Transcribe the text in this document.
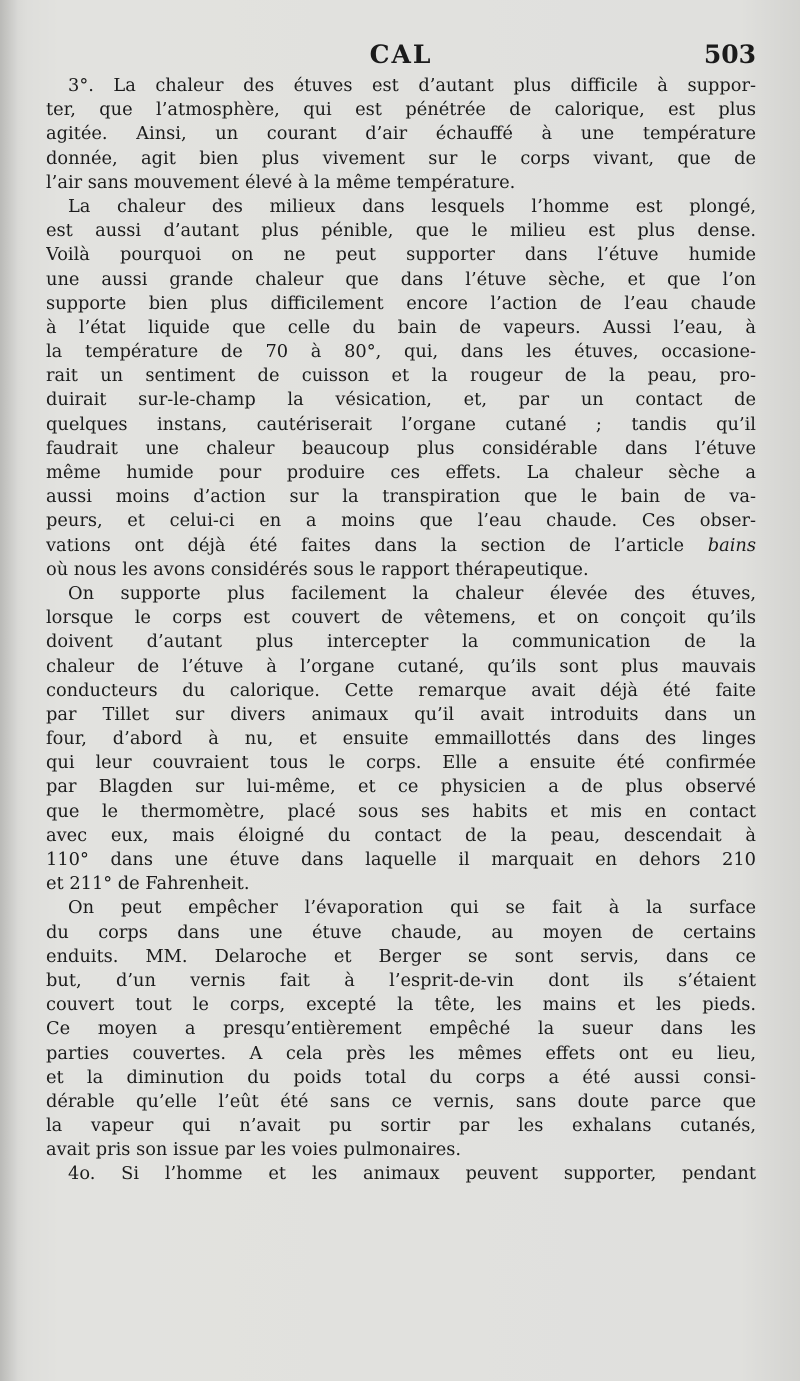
CAL	503
3°. La chaleur des étuves est d’autant plus difficile à suppor-
ter, que l’atmosphère, qui est pénétrée de calorique, est plus
agitée. Ainsi, un courant d’air échauffé à une température
donnée, agit bien plus vivement sur le corps vivant, que de
l’air sans mouvement élevé à la même température.
La chaleur des milieux dans lesquels l’homme est plongé,
est aussi d’autant plus pénible, que le milieu est plus dense.
Voilà pourquoi on ne peut supporter dans l’étuve humide
une aussi grande chaleur que dans l’étuve sèche, et que l’on
supporte bien plus difficilement encore l’action de l’eau chaude
à l’état liquide que celle du bain de vapeurs. Aussi l’eau, à
la température de 70 à 80°, qui, dans les étuves, occasione-
rait un sentiment de cuisson et la rougeur de la peau, pro-
duirait sur-le-champ la vésication, et, par un contact de
quelques instans, cautériserait l’organe cutané ; tandis qu’il
faudrait une chaleur beaucoup plus considérable dans l’étuve
même humide pour produire ces effets. La chaleur sèche a
aussi moins d’action sur la transpiration que le bain de va-
peurs, et celui-ci en a moins que l’eau chaude. Ces obser-
vations ont déjà été faites dans la section de l’article bains
où nous les avons considérés sous le rapport thérapeutique.
On supporte plus facilement la chaleur élevée des étuves,
lorsque le corps est couvert de vêtemens, et on conçoit qu’ils
doivent d’autant plus intercepter la communication de la
chaleur de l’étuve à l’organe cutané, qu’ils sont plus mauvais
conducteurs du calorique. Cette remarque avait déjà été faite
par Tillet sur divers animaux qu’il avait introduits dans un
four, d’abord à nu, et ensuite emmaillottés dans des linges
qui leur couvraient tous le corps. Elle a ensuite été confirmée
par Blagden sur lui-même, et ce physicien a de plus observé
que le thermomètre, placé sous ses habits et mis en contact
avec eux, mais éloigné du contact de la peau, descendait à
110° dans une étuve dans laquelle il marquait en dehors 210
et 211° de Fahrenheit.
On peut empêcher l’évaporation qui se fait à la surface
du corps dans une étuve chaude, au moyen de certains
enduits. MM. Delaroche et Berger se sont servis, dans ce
but, d’un vernis fait à l’esprit-de-vin dont ils s’étaient
couvert tout le corps, excepté la tête, les mains et les pieds.
Ce moyen a presqu’entièrement empêché la sueur dans les
parties couvertes. A cela près les mêmes effets ont eu lieu,
et la diminution du poids total du corps a été aussi consi-
dérable qu’elle l’eût été sans ce vernis, sans doute parce que
la vapeur qui n’avait pu sortir par les exhalans cutanés,
avait pris son issue par les voies pulmonaires.
4o. Si l’homme et les animaux peuvent supporter, pendant
